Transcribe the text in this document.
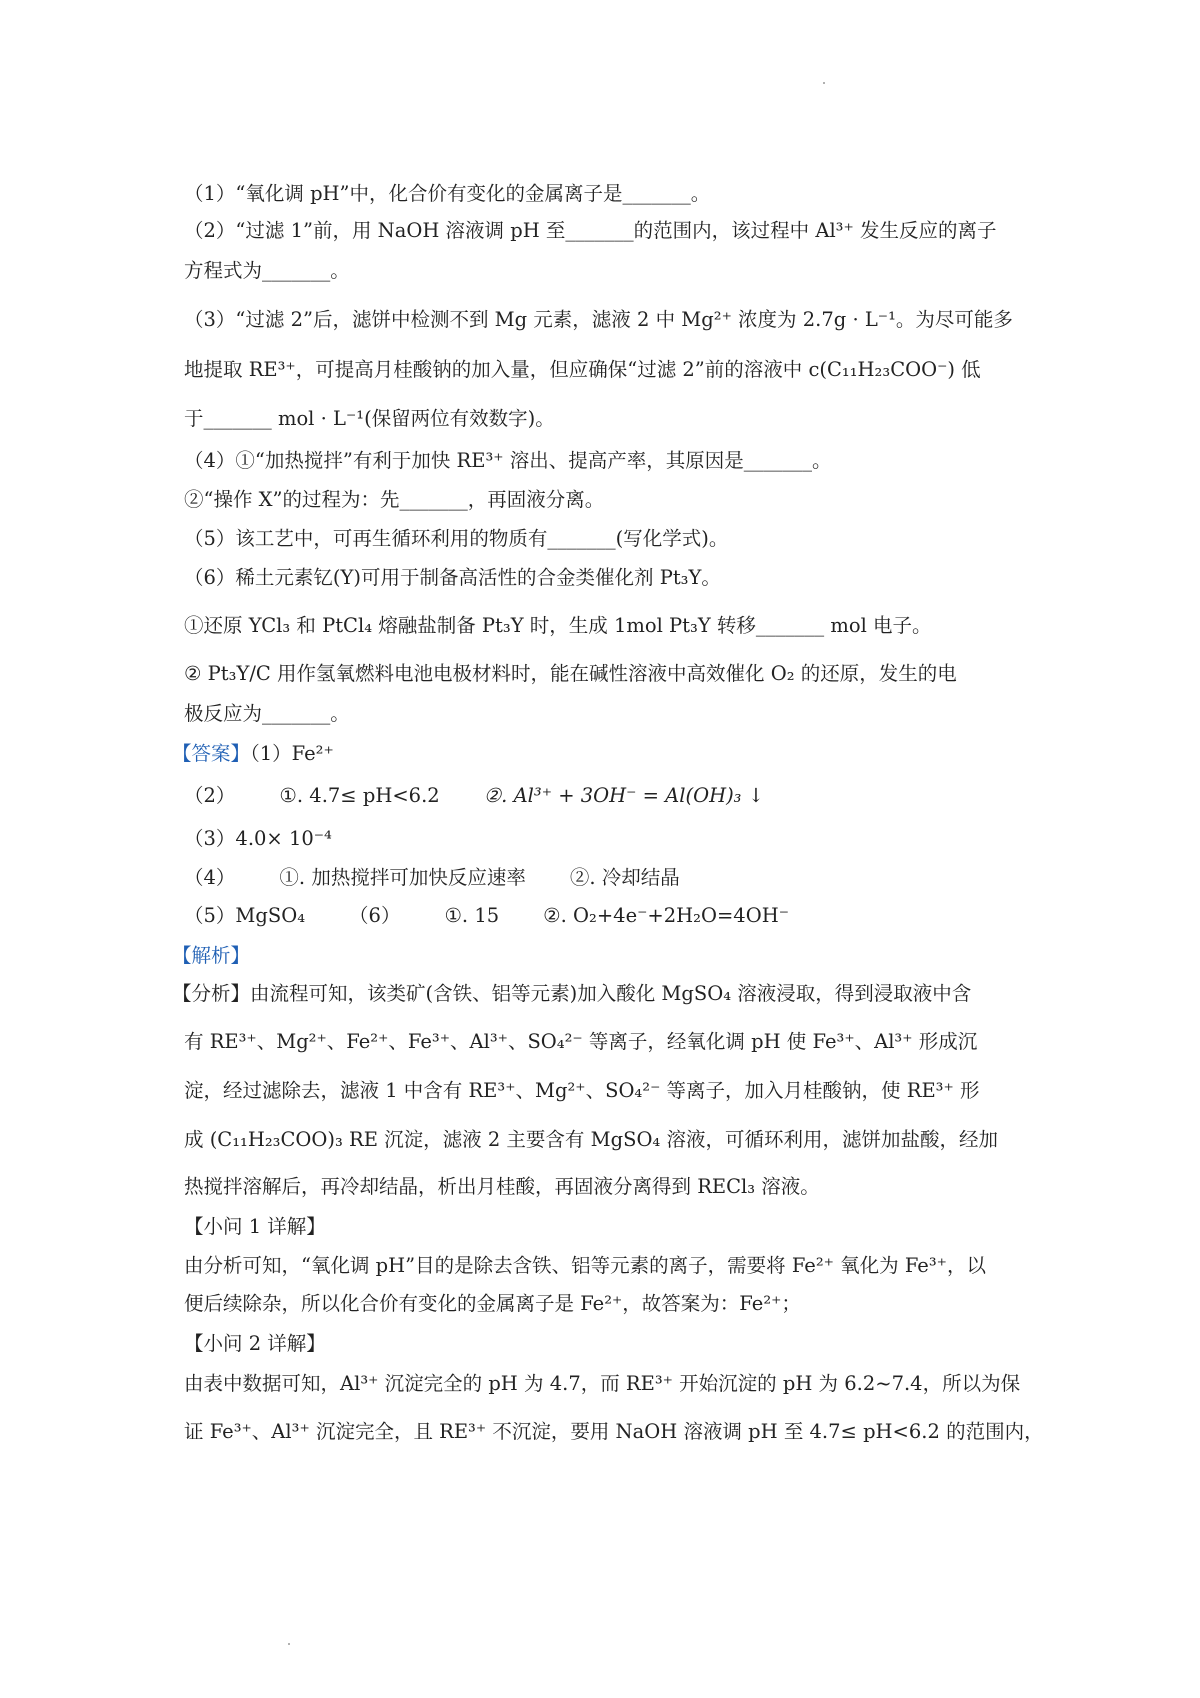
（1）“氧化调 pH”中，化合价有变化的金属离子是_______。

（2）“过滤 1”前，用 NaOH 溶液调 pH 至_______的范围内，该过程中 Al³⁺ 发生反应的离子

方程式为_______。

（3）“过滤 2”后，滤饼中检测不到 Mg 元素，滤液 2 中 Mg²⁺ 浓度为 2.7g · L⁻¹。为尽可能多

地提取 RE³⁺，可提高月桂酸钠的加入量，但应确保“过滤 2”前的溶液中 c(C₁₁H₂₃COO⁻) 低

于_______ mol · L⁻¹(保留两位有效数字)。

（4）①“加热搅拌”有利于加快 RE³⁺ 溶出、提高产率，其原因是_______。

②“操作 X”的过程为：先_______，再固液分离。

（5）该工艺中，可再生循环利用的物质有_______(写化学式)。

（6）稀土元素钇(Y)可用于制备高活性的合金类催化剂 Pt₃Y。

①还原 YCl₃ 和 PtCl₄ 熔融盐制备 Pt₃Y 时，生成 1mol Pt₃Y 转移_______ mol 电子。

② Pt₃Y/C 用作氢氧燃料电池电极材料时，能在碱性溶液中高效催化 O₂ 的还原，发生的电

极反应为_______。

【答案】（1）Fe²⁺

（2） ①. 4.7≤ pH<6.2 ②. Al³⁺ + 3OH⁻ = Al(OH)₃ ↓

（3）4.0× 10⁻⁴

（4） ①. 加热搅拌可加快反应速率 ②. 冷却结晶

（5）MgSO₄ （6） ①. 15 ②. O₂+4e⁻+2H₂O=4OH⁻

【解析】

【分析】由流程可知，该类矿(含铁、铝等元素)加入酸化 MgSO₄ 溶液浸取，得到浸取液中含

有 RE³⁺、Mg²⁺、Fe²⁺、Fe³⁺、Al³⁺、SO₄²⁻ 等离子，经氧化调 pH 使 Fe³⁺、Al³⁺ 形成沉

淀，经过滤除去，滤液 1 中含有 RE³⁺、Mg²⁺、SO₄²⁻ 等离子，加入月桂酸钠，使 RE³⁺ 形

成 (C₁₁H₂₃COO)₃ RE 沉淀，滤液 2 主要含有 MgSO₄ 溶液，可循环利用，滤饼加盐酸，经加

热搅拌溶解后，再冷却结晶，析出月桂酸，再固液分离得到 RECl₃ 溶液。

【小问 1 详解】

由分析可知，“氧化调 pH”目的是除去含铁、铝等元素的离子，需要将 Fe²⁺ 氧化为 Fe³⁺，以

便后续除杂，所以化合价有变化的金属离子是 Fe²⁺，故答案为：Fe²⁺；

【小问 2 详解】

由表中数据可知，Al³⁺ 沉淀完全的 pH 为 4.7，而 RE³⁺ 开始沉淀的 pH 为 6.2~7.4，所以为保

证 Fe³⁺、Al³⁺ 沉淀完全，且 RE³⁺ 不沉淀，要用 NaOH 溶液调 pH 至 4.7≤ pH<6.2 的范围内，
